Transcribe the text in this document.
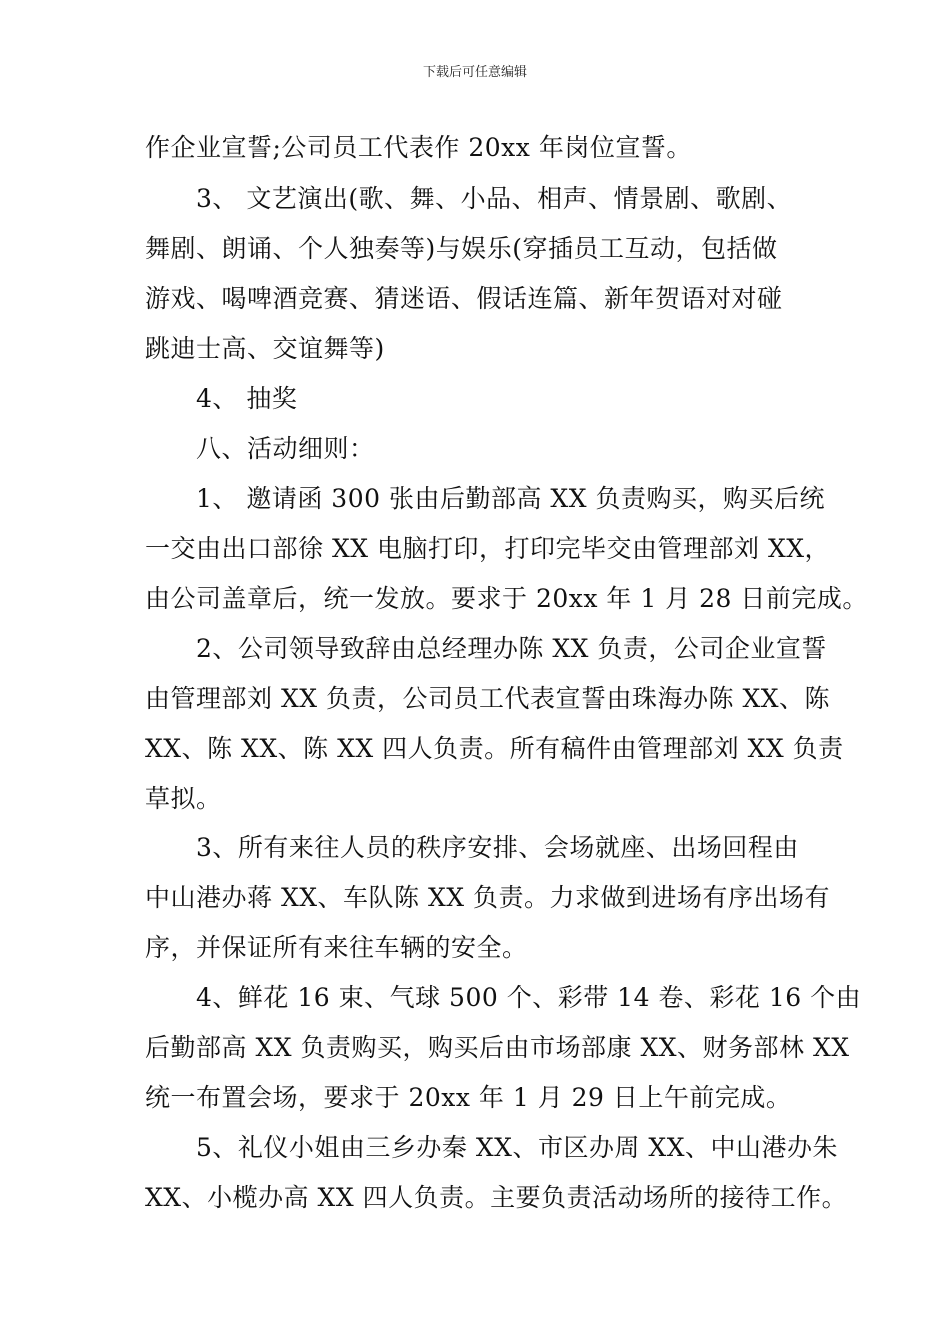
下载后可任意编辑
作企业宣誓;公司员工代表作 20xx 年岗位宣誓。
3、 文艺演出(歌、舞、小品、相声、情景剧、歌剧、
舞剧、朗诵、个人独奏等)与娱乐(穿插员工互动，包括做
游戏、喝啤酒竞赛、猜迷语、假话连篇、新年贺语对对碰
跳迪士高、交谊舞等)
4、 抽奖
八、活动细则：
1、 邀请函 300 张由后勤部高 XX 负责购买，购买后统
一交由出口部徐 XX 电脑打印，打印完毕交由管理部刘 XX，
由公司盖章后，统一发放。要求于 20xx 年 1 月 28 日前完成。
2、公司领导致辞由总经理办陈 XX 负责，公司企业宣誓
由管理部刘 XX 负责，公司员工代表宣誓由珠海办陈 XX、陈
XX、陈 XX、陈 XX 四人负责。所有稿件由管理部刘 XX 负责
草拟。
3、所有来往人员的秩序安排、会场就座、出场回程由
中山港办蒋 XX、车队陈 XX 负责。力求做到进场有序出场有
序，并保证所有来往车辆的安全。
4、鲜花 16 束、气球 500 个、彩带 14 卷、彩花 16 个由
后勤部高 XX 负责购买，购买后由市场部康 XX、财务部林 XX
统一布置会场，要求于 20xx 年 1 月 29 日上午前完成。
5、礼仪小姐由三乡办秦 XX、市区办周 XX、中山港办朱
XX、小榄办高 XX 四人负责。主要负责活动场所的接待工作。
